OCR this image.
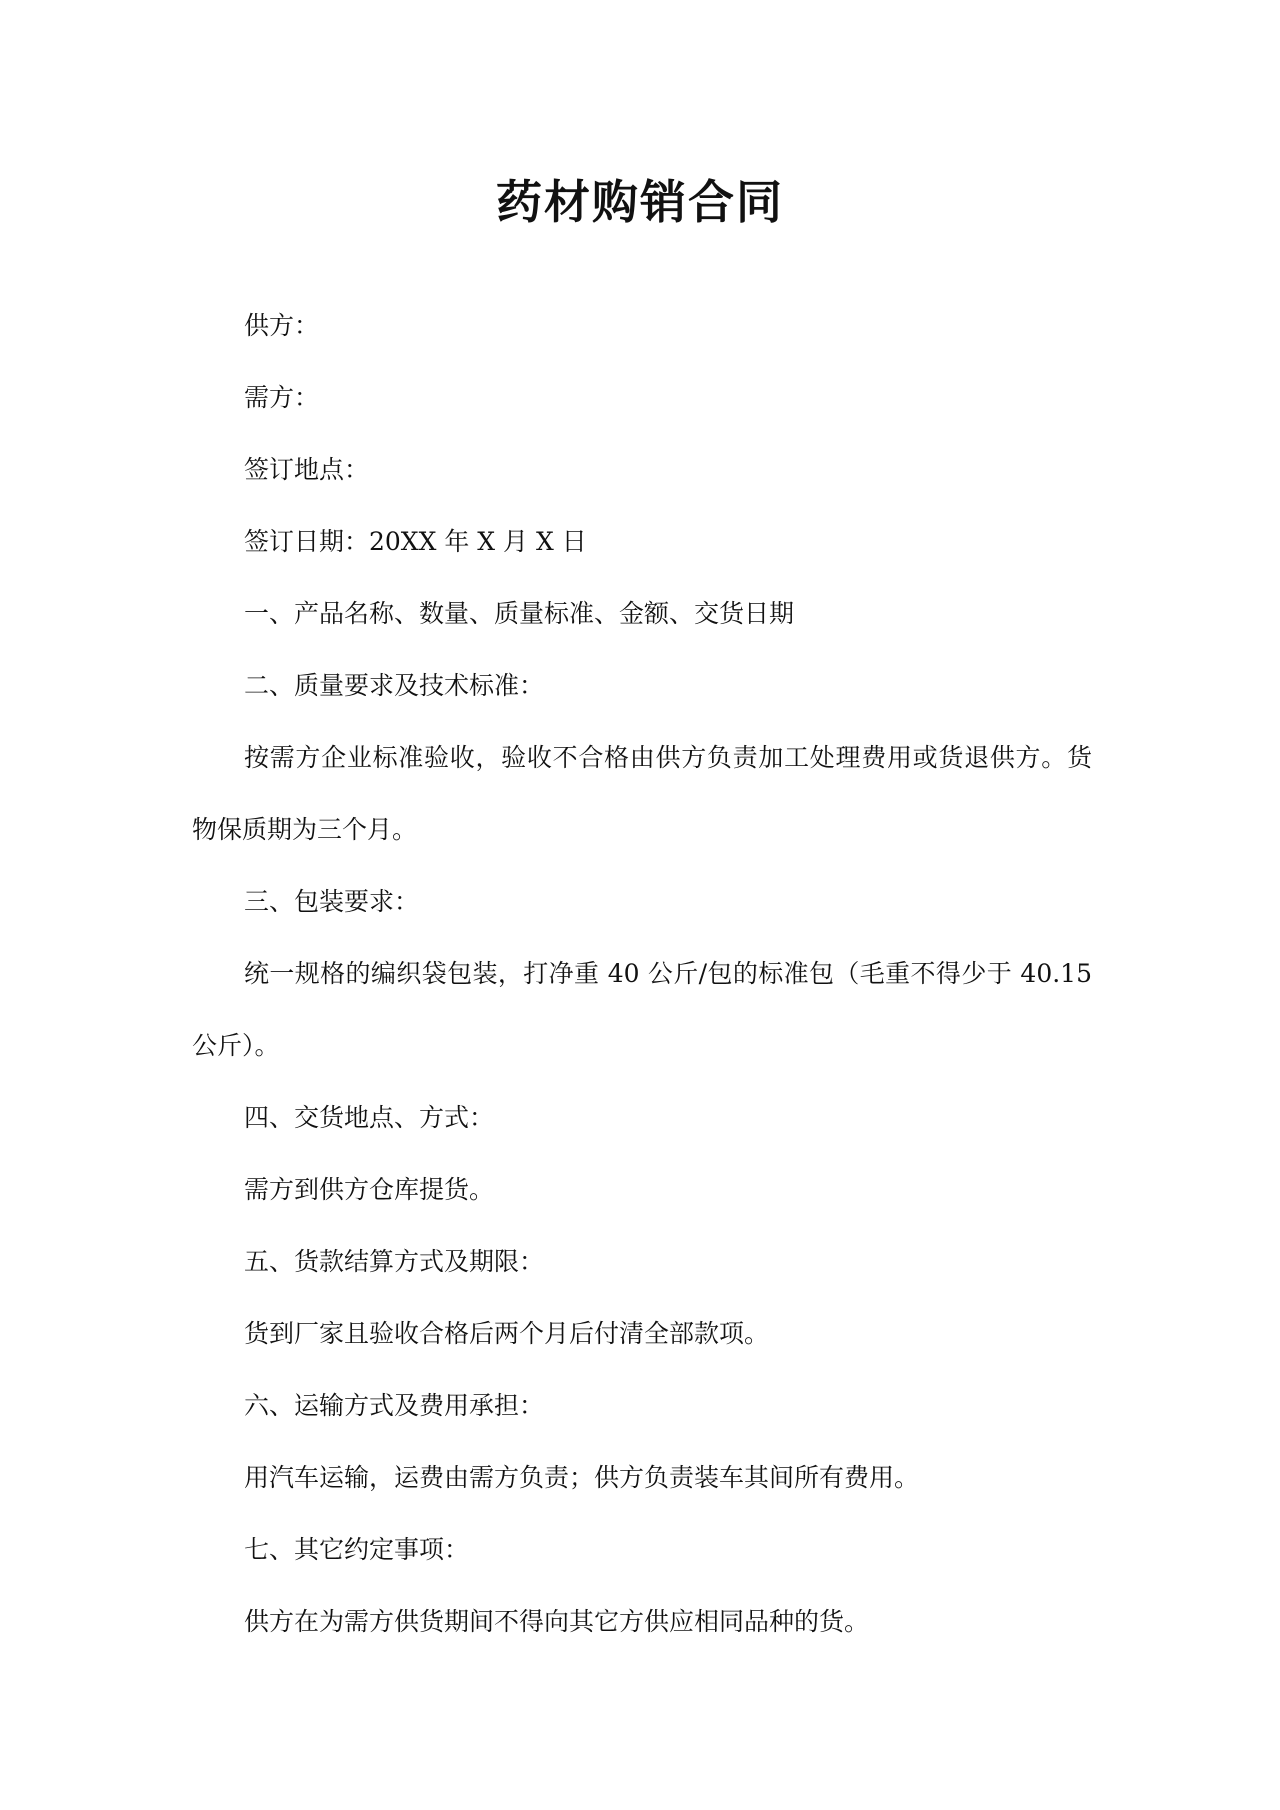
药材购销合同

供方：

需方：

签订地点：

签订日期：20XX 年 X 月 X 日

一、产品名称、数量、质量标准、金额、交货日期

二、质量要求及技术标准：

按需方企业标准验收，验收不合格由供方负责加工处理费用或货退供方。货物保质期为三个月。

三、包装要求：

统一规格的编织袋包装，打净重 40 公斤/包的标准包（毛重不得少于 40.15 公斤）。

四、交货地点、方式：

需方到供方仓库提货。

五、货款结算方式及期限：

货到厂家且验收合格后两个月后付清全部款项。

六、运输方式及费用承担：

用汽车运输，运费由需方负责；供方负责装车其间所有费用。

七、其它约定事项：

供方在为需方供货期间不得向其它方供应相同品种的货。
